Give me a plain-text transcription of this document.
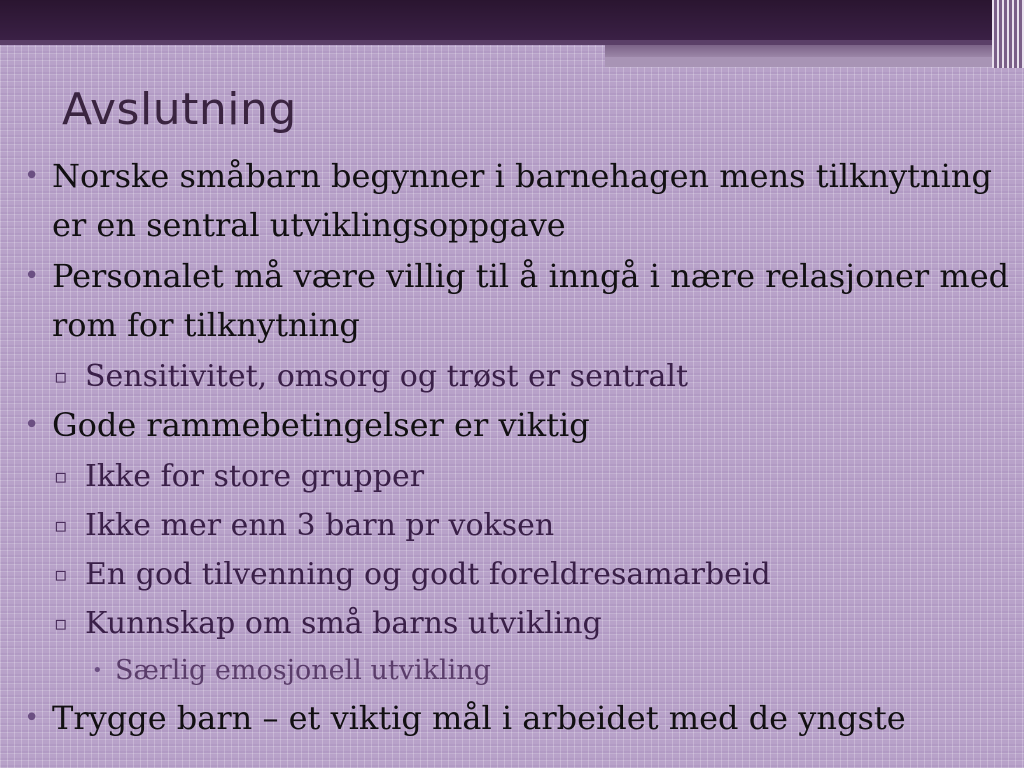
Avslutning
• Norske småbarn begynner i barnehagen mens tilknytning er en sentral utviklingsoppgave
• Personalet må være villig til å inngå i nære relasjoner med rom for tilknytning
▫ Sensitivitet, omsorg og trøst er sentralt
• Gode rammebetingelser er viktig
▫ Ikke for store grupper
▫ Ikke mer enn 3 barn pr voksen
▫ En god tilvenning og godt foreldresamarbeid
▫ Kunnskap om små barns utvikling
• Særlig emosjonell utvikling
• Trygge barn – et viktig mål i arbeidet med de yngste
